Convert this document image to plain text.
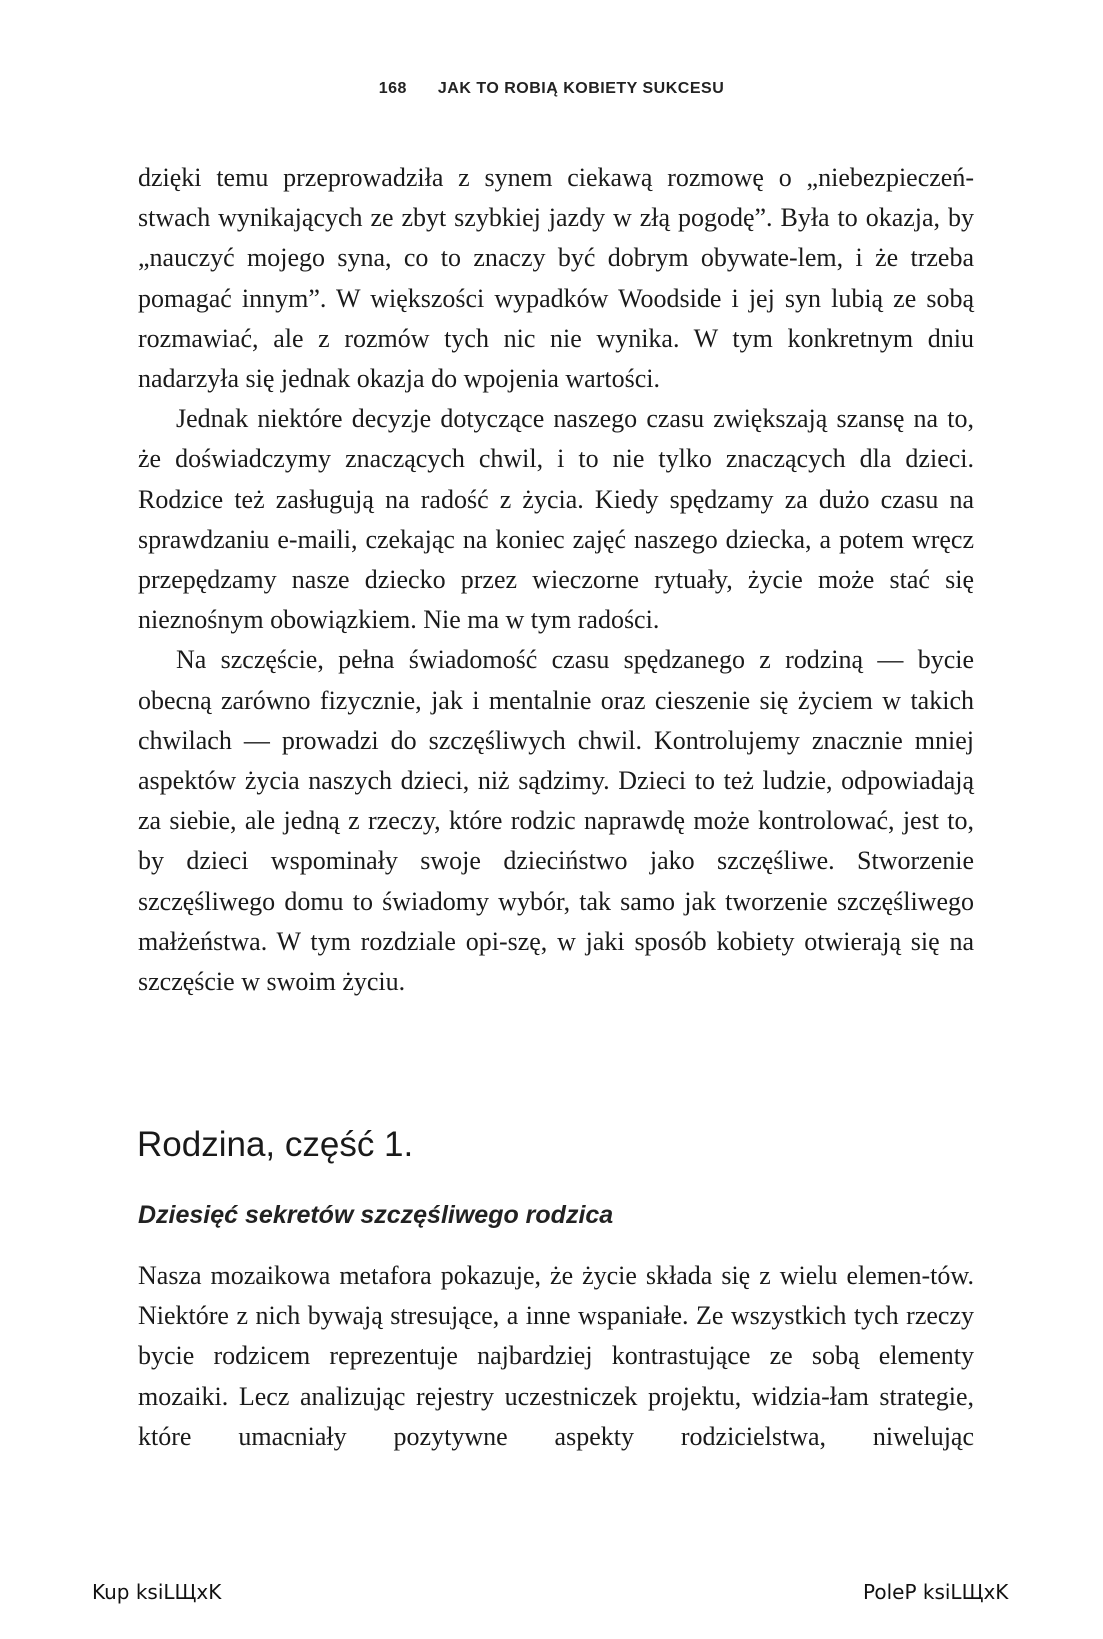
168 JAK TO ROBIĄ KOBIETY SUKCESU

dzięki temu przeprowadziła z synem ciekawą rozmowę o „niebezpieczeń-stwach wynikających ze zbyt szybkiej jazdy w złą pogodę”. Była to okazja, by „nauczyć mojego syna, co to znaczy być dobrym obywate-lem, i że trzeba pomagać innym”. W większości wypadków Woodside i jej syn lubią ze sobą rozmawiać, ale z rozmów tych nic nie wynika. W tym konkretnym dniu nadarzyła się jednak okazja do wpojenia wartości.

Jednak niektóre decyzje dotyczące naszego czasu zwiększają szansę na to, że doświadczymy znaczących chwil, i to nie tylko znaczących dla dzieci. Rodzice też zasługują na radość z życia. Kiedy spędzamy za dużo czasu na sprawdzaniu e-maili, czekając na koniec zajęć naszego dziecka, a potem wręcz przepędzamy nasze dziecko przez wieczorne rytuały, życie może stać się nieznośnym obowiązkiem. Nie ma w tym radości.

Na szczęście, pełna świadomość czasu spędzanego z rodziną — bycie obecną zarówno fizycznie, jak i mentalnie oraz cieszenie się życiem w takich chwilach — prowadzi do szczęśliwych chwil. Kontrolujemy znacznie mniej aspektów życia naszych dzieci, niż sądzimy. Dzieci to też ludzie, odpowiadają za siebie, ale jedną z rzeczy, które rodzic naprawdę może kontrolować, jest to, by dzieci wspominały swoje dzieciństwo jako szczęśliwe. Stworzenie szczęśliwego domu to świadomy wybór, tak samo jak tworzenie szczęśliwego małżeństwa. W tym rozdziale opi-szę, w jaki sposób kobiety otwierają się na szczęście w swoim życiu.

Rodzina, część 1.
Dziesięć sekretów szczęśliwego rodzica

Nasza mozaikowa metafora pokazuje, że życie składa się z wielu elemen-tów. Niektóre z nich bywają stresujące, a inne wspaniałe. Ze wszystkich tych rzeczy bycie rodzicem reprezentuje najbardziej kontrastujące ze sobą elementy mozaiki. Lecz analizując rejestry uczestniczek projektu, widzia-łam strategie, które umacniały pozytywne aspekty rodzicielstwa, niwelując

Kup ksiLЩxK	PoleP ksiLЩxK
